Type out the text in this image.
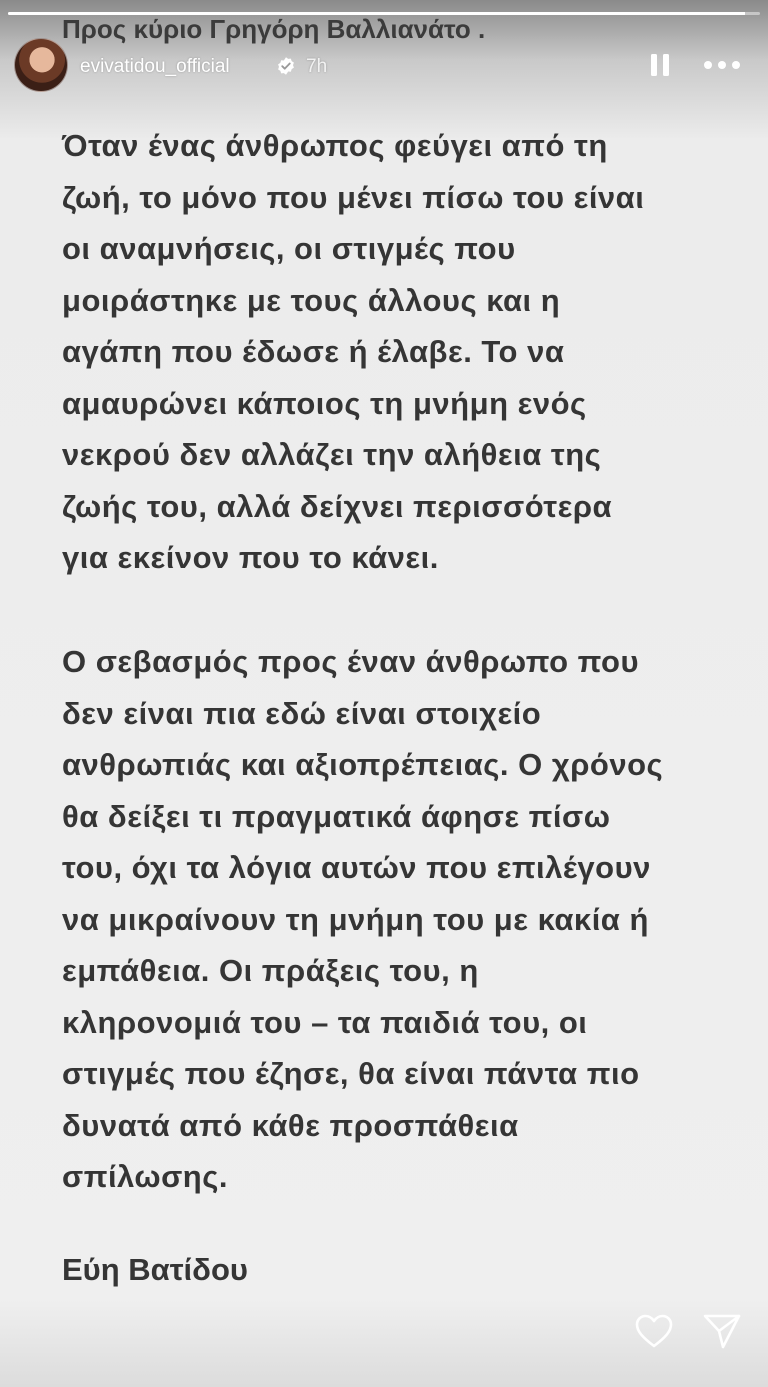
Προς κύριο Γρηγόρη Βαλλιανάτο .
evivatidou_official	7h

Όταν ένας άνθρωπος φεύγει από τη
ζωή, το μόνο που μένει πίσω του είναι
οι αναμνήσεις, οι στιγμές που
μοιράστηκε με τους άλλους και η
αγάπη που έδωσε ή έλαβε. Το να
αμαυρώνει κάποιος τη μνήμη ενός
νεκρού δεν αλλάζει την αλήθεια της
ζωής του, αλλά δείχνει περισσότερα
για εκείνον που το κάνει.

Ο σεβασμός προς έναν άνθρωπο που
δεν είναι πια εδώ είναι στοιχείο
ανθρωπιάς και αξιοπρέπειας. Ο χρόνος
θα δείξει τι πραγματικά άφησε πίσω
του, όχι τα λόγια αυτών που επιλέγουν
να μικραίνουν τη μνήμη του με κακία ή
εμπάθεια. Οι πράξεις του, η
κληρονομιά του – τα παιδιά του, οι
στιγμές που έζησε, θα είναι πάντα πιο
δυνατά από κάθε προσπάθεια
σπίλωσης.

Εύη Βατίδου
